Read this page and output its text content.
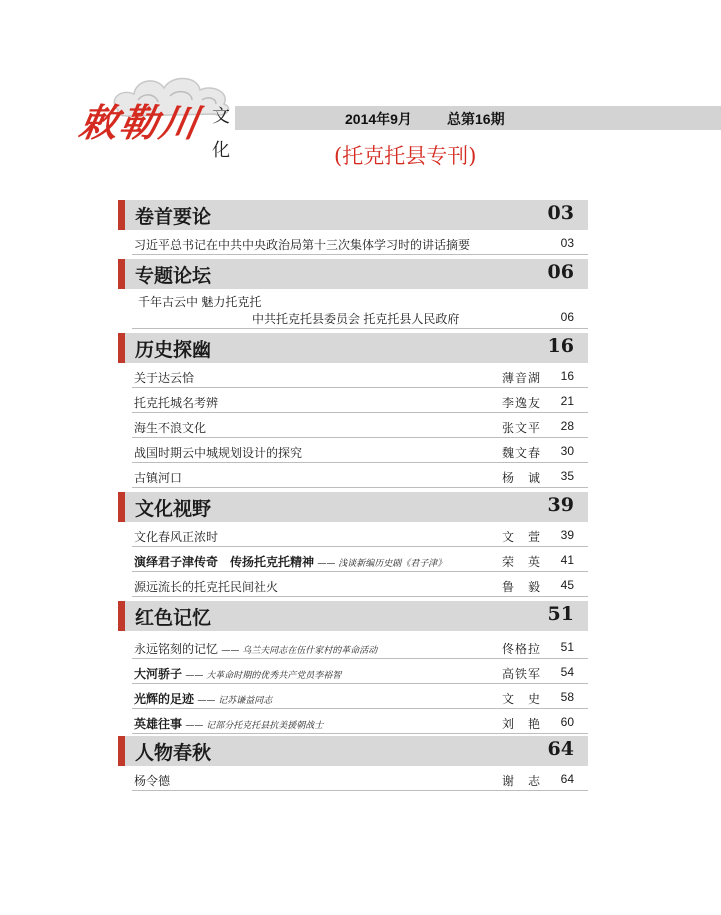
敕勒川 文
化
2014年9月	总第16期
(托克托县专刊)
卷首要论	03
习近平总书记在中共中央政治局第十三次集体学习时的讲话摘要	03
专题论坛	06
千年古云中 魅力托克托
中共托克托县委员会 托克托县人民政府	06
历史探幽	16
关于达云恰	薄音湖 16
托克托城名考辨	李逸友 21
海生不浪文化	张文平 28
战国时期云中城规划设计的探究	魏文春 30
古镇河口	杨　诚 35
文化视野	39
文化春风正浓时	文　萱 39
演绎君子津传奇　传扬托克托精神 —— 浅谈新编历史剧《君子津》	荣　英 41
源远流长的托克托民间社火	鲁　毅 45
红色记忆	51
永远铭刻的记忆 —— 乌兰夫同志在伍什家村的革命活动	佟格拉 51
大河骄子 —— 大革命时期的优秀共产党员李裕智	高铁军 54
光辉的足迹 —— 记苏谦益同志	文　史 58
英雄往事 —— 记部分托克托县抗美援朝战士	刘　艳 60
人物春秋	64
杨令德	谢　志 64
